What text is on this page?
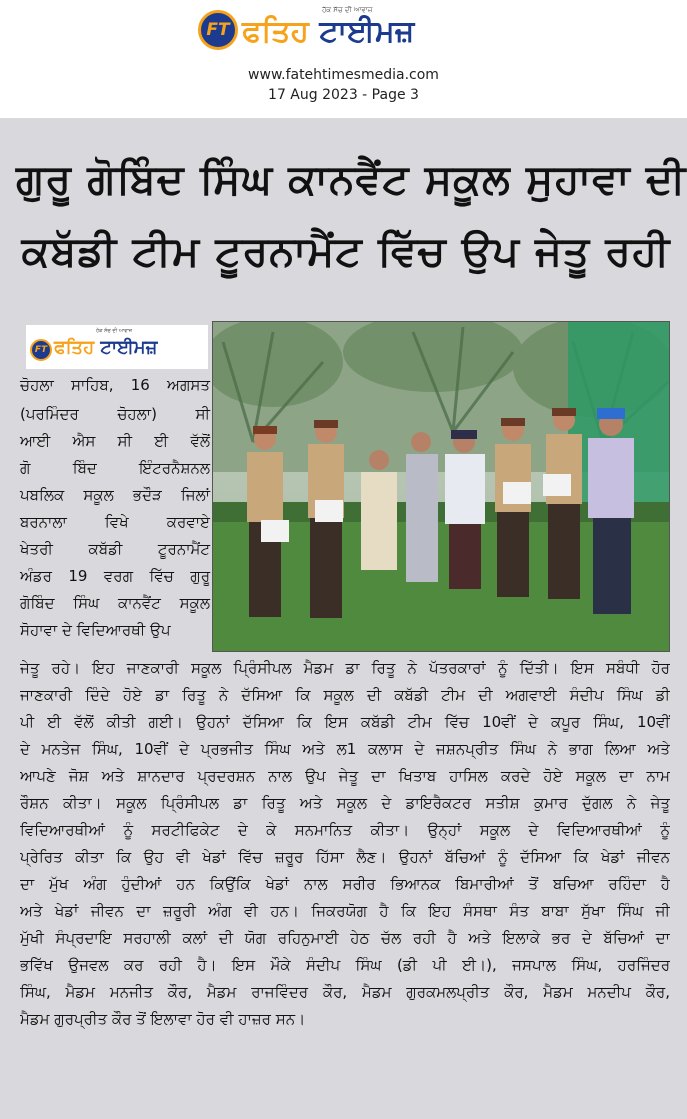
FT
ਹੱਕ ਸੱਚ ਦੀ ਆਵਾਜ਼
ਫਤਿਹ ਟਾਈਮਜ਼
www.fatehtimesmedia.com
17 Aug 2023 - Page 3
ਗੁਰੂ ਗੋਬਿੰਦ ਸਿੰਘ ਕਾਨਵੈਂਟ ਸਕੂਲ ਸੁਹਾਵਾ ਦੀ
ਕਬੱਡੀ ਟੀਮ ਟੂਰਨਾਮੈਂਟ ਵਿੱਚ ਉਪ ਜੇਤੂ ਰਹੀ
FT
ਹੱਕ ਸੱਚ ਦੀ ਆਵਾਜ਼
ਫਤਿਹ ਟਾਈਮਜ਼
ਚੋਹਲਾ ਸਾਹਿਬ, 16 ਅਗਸਤ
(ਪਰਮਿੰਦਰ ਚੋਹਲਾ) ਸੀ
ਆਈ ਐਸ ਸੀ ਈ ਵੱਲੋਂ
ਗੋ ਬਿੰਦ ਇੰਟਰਨੈਸ਼ਨਲ
ਪਬਲਿਕ ਸਕੂਲ ਭਦੌੜ ਜਿਲਾਂ
ਬਰਨਾਲਾ ਵਿਖੇ ਕਰਵਾਏ
ਖੇਤਰੀ ਕਬੱਡੀ ਟੂਰਨਾਮੈਂਟ
ਅੰਡਰ 19 ਵਰਗ ਵਿੱਚ ਗੁਰੂ
ਗੋਬਿੰਦ ਸਿੰਘ ਕਾਨਵੈਂਟ ਸਕੂਲ
ਸੋਹਾਵਾ ਦੇ ਵਿਦਿਆਰਥੀ ਉਪ
ਜੇਤੂ ਰਹੇ। ਇਹ ਜਾਣਕਾਰੀ ਸਕੂਲ ਪ੍ਰਿੰਸੀਪਲ ਮੈਡਮ ਡਾ ਰਿਤੂ ਨੇ ਪੱਤਰਕਾਰਾਂ ਨੂੰ ਦਿੱਤੀ। ਇਸ ਸਬੰਧੀ ਹੋਰ
ਜਾਣਕਾਰੀ ਦਿੰਦੇ ਹੋਏ ਡਾ ਰਿਤੂ ਨੇ ਦੱਸਿਆ ਕਿ ਸਕੂਲ ਦੀ ਕਬੱਡੀ ਟੀਮ ਦੀ ਅਗਵਾਈ ਸੰਦੀਪ ਸਿੰਘ ਡੀ
ਪੀ ਈ ਵੱਲੋਂ ਕੀਤੀ ਗਈ। ਉਹਨਾਂ ਦੱਸਿਆ ਕਿ ਇਸ ਕਬੱਡੀ ਟੀਮ ਵਿੱਚ 10ਵੀਂ ਦੇ ਕਪੂਰ ਸਿੰਘ, 10ਵੀਂ
ਦੇ ਮਨਤੇਜ ਸਿੰਘ, 10ਵੀਂ ਦੇ ਪ੍ਰਭਜੀਤ ਸਿੰਘ ਅਤੇ ਲ1 ਕਲਾਸ ਦੇ ਜਸ਼ਨਪ੍ਰੀਤ ਸਿੰਘ ਨੇ ਭਾਗ ਲਿਆ ਅਤੇ
ਆਪਣੇ ਜੋਸ਼ ਅਤੇ ਸ਼ਾਨਦਾਰ ਪ੍ਰਦਰਸ਼ਨ ਨਾਲ ਉਪ ਜੇਤੂ ਦਾ ਖਿਤਾਬ ਹਾਸਿਲ ਕਰਦੇ ਹੋਏ ਸਕੂਲ ਦਾ ਨਾਮ
ਰੌਸ਼ਨ ਕੀਤਾ। ਸਕੂਲ ਪ੍ਰਿੰਸੀਪਲ ਡਾ ਰਿਤੂ ਅਤੇ ਸਕੂਲ ਦੇ ਡਾਇਰੈਕਟਰ ਸਤੀਸ਼ ਕੁਮਾਰ ਦੁੱਗਲ ਨੇ ਜੇਤੂ
ਵਿਦਿਆਰਥੀਆਂ ਨੂੰ ਸਰਟੀਫਿਕੇਟ ਦੇ ਕੇ ਸਨਮਾਨਿਤ ਕੀਤਾ। ਉਨ੍ਹਾਂ ਸਕੂਲ ਦੇ ਵਿਦਿਆਰਥੀਆਂ ਨੂੰ
ਪ੍ਰੇਰਿਤ ਕੀਤਾ ਕਿ ਉਹ ਵੀ ਖੇਡਾਂ ਵਿੱਚ ਜ਼ਰੂਰ ਹਿੱਸਾ ਲੈਣ। ਉਹਨਾਂ ਬੱਚਿਆਂ ਨੂੰ ਦੱਸਿਆ ਕਿ ਖੇਡਾਂ ਜੀਵਨ
ਦਾ ਮੁੱਖ ਅੰਗ ਹੁੰਦੀਆਂ ਹਨ ਕਿਉਂਕਿ ਖੇਡਾਂ ਨਾਲ ਸਰੀਰ ਭਿਆਨਕ ਬਿਮਾਰੀਆਂ ਤੋਂ ਬਚਿਆ ਰਹਿੰਦਾ ਹੈ
ਅਤੇ ਖੇਡਾਂ ਜੀਵਨ ਦਾ ਜ਼ਰੂਰੀ ਅੰਗ ਵੀ ਹਨ। ਜਿਕਰਯੋਗ ਹੈ ਕਿ ਇਹ ਸੰਸਥਾ ਸੰਤ ਬਾਬਾ ਸੁੱਖਾ ਸਿੰਘ ਜੀ
ਮੁੱਖੀ ਸੰਪ੍ਰਦਾਇ ਸਰਹਾਲੀ ਕਲਾਂ ਦੀ ਯੋਗ ਰਹਿਨੁਮਾਈ ਹੇਠ ਚੱਲ ਰਹੀ ਹੈ ਅਤੇ ਇਲਾਕੇ ਭਰ ਦੇ ਬੱਚਿਆਂ ਦਾ
ਭਵਿੱਖ ਉਜਵਲ ਕਰ ਰਹੀ ਹੈ। ਇਸ ਮੌਕੇ ਸੰਦੀਪ ਸਿੰਘ (ਡੀ ਪੀ ਈ।), ਜਸਪਾਲ ਸਿੰਘ, ਹਰਜਿੰਦਰ
ਸਿੰਘ, ਮੈਡਮ ਮਨਜੀਤ ਕੌਰ, ਮੈਡਮ ਰਾਜਵਿੰਦਰ ਕੌਰ, ਮੈਡਮ ਗੁਰਕਮਲਪ੍ਰੀਤ ਕੌਰ, ਮੈਡਮ ਮਨਦੀਪ ਕੌਰ,
ਮੈਡਮ ਗੁਰਪ੍ਰੀਤ ਕੌਰ ਤੋਂ ਇਲਾਵਾ ਹੋਰ ਵੀ ਹਾਜ਼ਰ ਸਨ।
